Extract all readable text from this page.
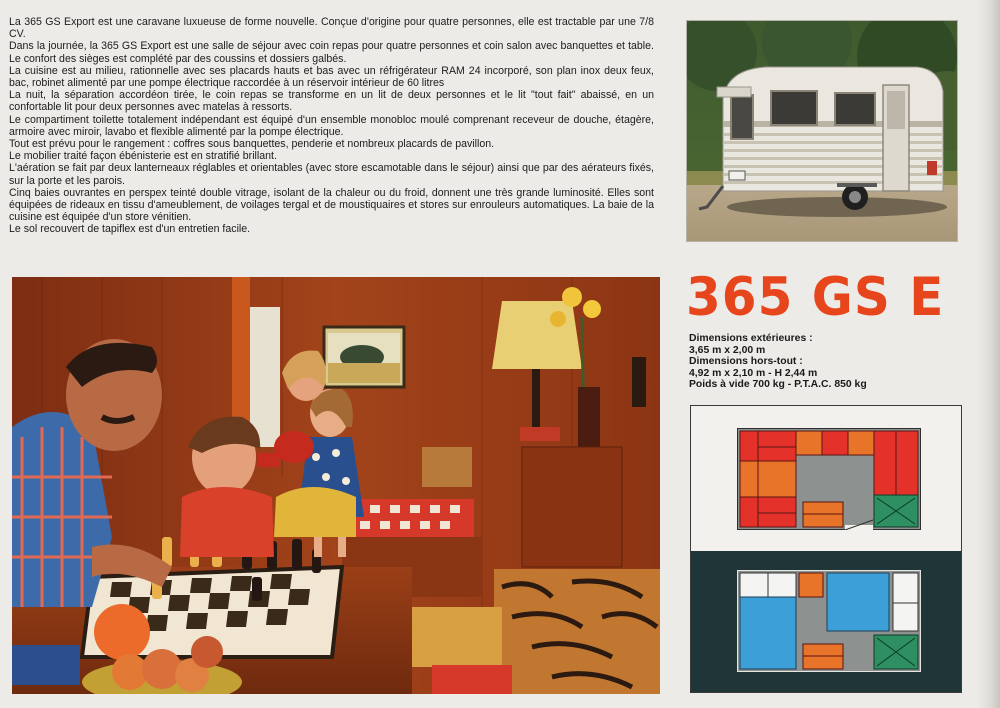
La 365 GS Export est une caravane luxueuse de forme nouvelle. Conçue d'origine pour quatre personnes, elle est tractable par une 7/8 CV.

Dans la journée, la 365 GS Export est une salle de séjour avec coin repas pour quatre personnes et coin salon avec banquettes et table. Le confort des sièges est complété par des coussins et dossiers galbés.

La cuisine est au milieu, rationnelle avec ses placards hauts et bas avec un réfrigérateur RAM 24 incorporé, son plan inox deux feux, bac, robinet alimenté par une pompe électrique raccordée à un réservoir intérieur de 60 litres

La nuit, la séparation accordéon tirée, le coin repas se transforme en un lit de deux personnes et le lit "tout fait" abaissé, en un confortable lit pour deux personnes avec matelas à ressorts.

Le compartiment toilette totalement indépendant est équipé d'un ensemble monobloc moulé comprenant receveur de douche, étagère, armoire avec miroir, lavabo et flexible alimenté par la pompe électrique.

Tout est prévu pour le rangement : coffres sous banquettes, penderie et nombreux placards de pavillon.

Le mobilier traité façon ébénisterie est en stratifié brillant.

L'aération se fait par deux lanterneaux réglables et orientables (avec store escamotable dans le séjour) ainsi que par des aérateurs fixés, sur la porte et les parois.

Cinq baies ouvrantes en perspex teinté double vitrage, isolant de la chaleur ou du froid, donnent une très grande luminosité. Elles sont équipées de rideaux en tissu d'ameublement, de voilages tergal et de moustiquaires et stores sur enrouleurs automatiques. La baie de la cuisine est équipée d'un store vénitien.

Le sol recouvert de tapiflex est d'un entretien facile.

365 GS E
Dimensions extérieures :
3,65 m x 2,00 m
Dimensions hors-tout :
4,92 m x 2,10 m - H 2,44 m
Poids à vide 700 kg - P.T.A.C. 850 kg
